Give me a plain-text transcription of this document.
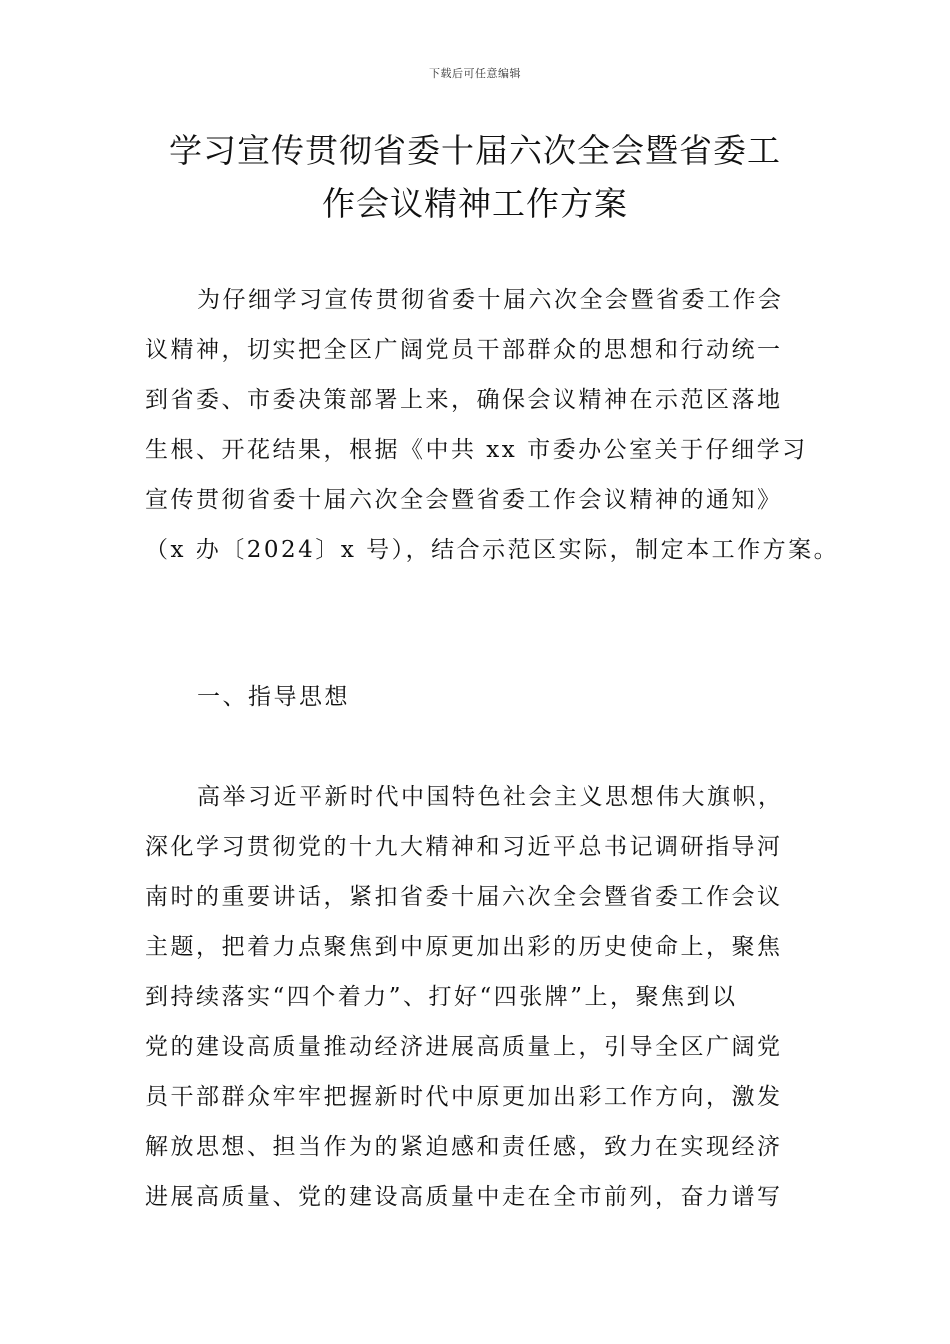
下载后可任意编辑
学习宣传贯彻省委十届六次全会暨省委工
作会议精神工作方案
为仔细学习宣传贯彻省委十届六次全会暨省委工作会
议精神，切实把全区广阔党员干部群众的思想和行动统一
到省委、市委决策部署上来，确保会议精神在示范区落地
生根、开花结果，根据《中共 xx 市委办公室关于仔细学习
宣传贯彻省委十届六次全会暨省委工作会议精神的通知》
（x 办〔2024〕x 号），结合示范区实际，制定本工作方案。
一、指导思想
高举习近平新时代中国特色社会主义思想伟大旗帜，
深化学习贯彻党的十九大精神和习近平总书记调研指导河
南时的重要讲话，紧扣省委十届六次全会暨省委工作会议
主题，把着力点聚焦到中原更加出彩的历史使命上，聚焦
到持续落实“四个着力”、打好“四张牌”上，聚焦到以
党的建设高质量推动经济进展高质量上，引导全区广阔党
员干部群众牢牢把握新时代中原更加出彩工作方向，激发
解放思想、担当作为的紧迫感和责任感，致力在实现经济
进展高质量、党的建设高质量中走在全市前列，奋力谱写
